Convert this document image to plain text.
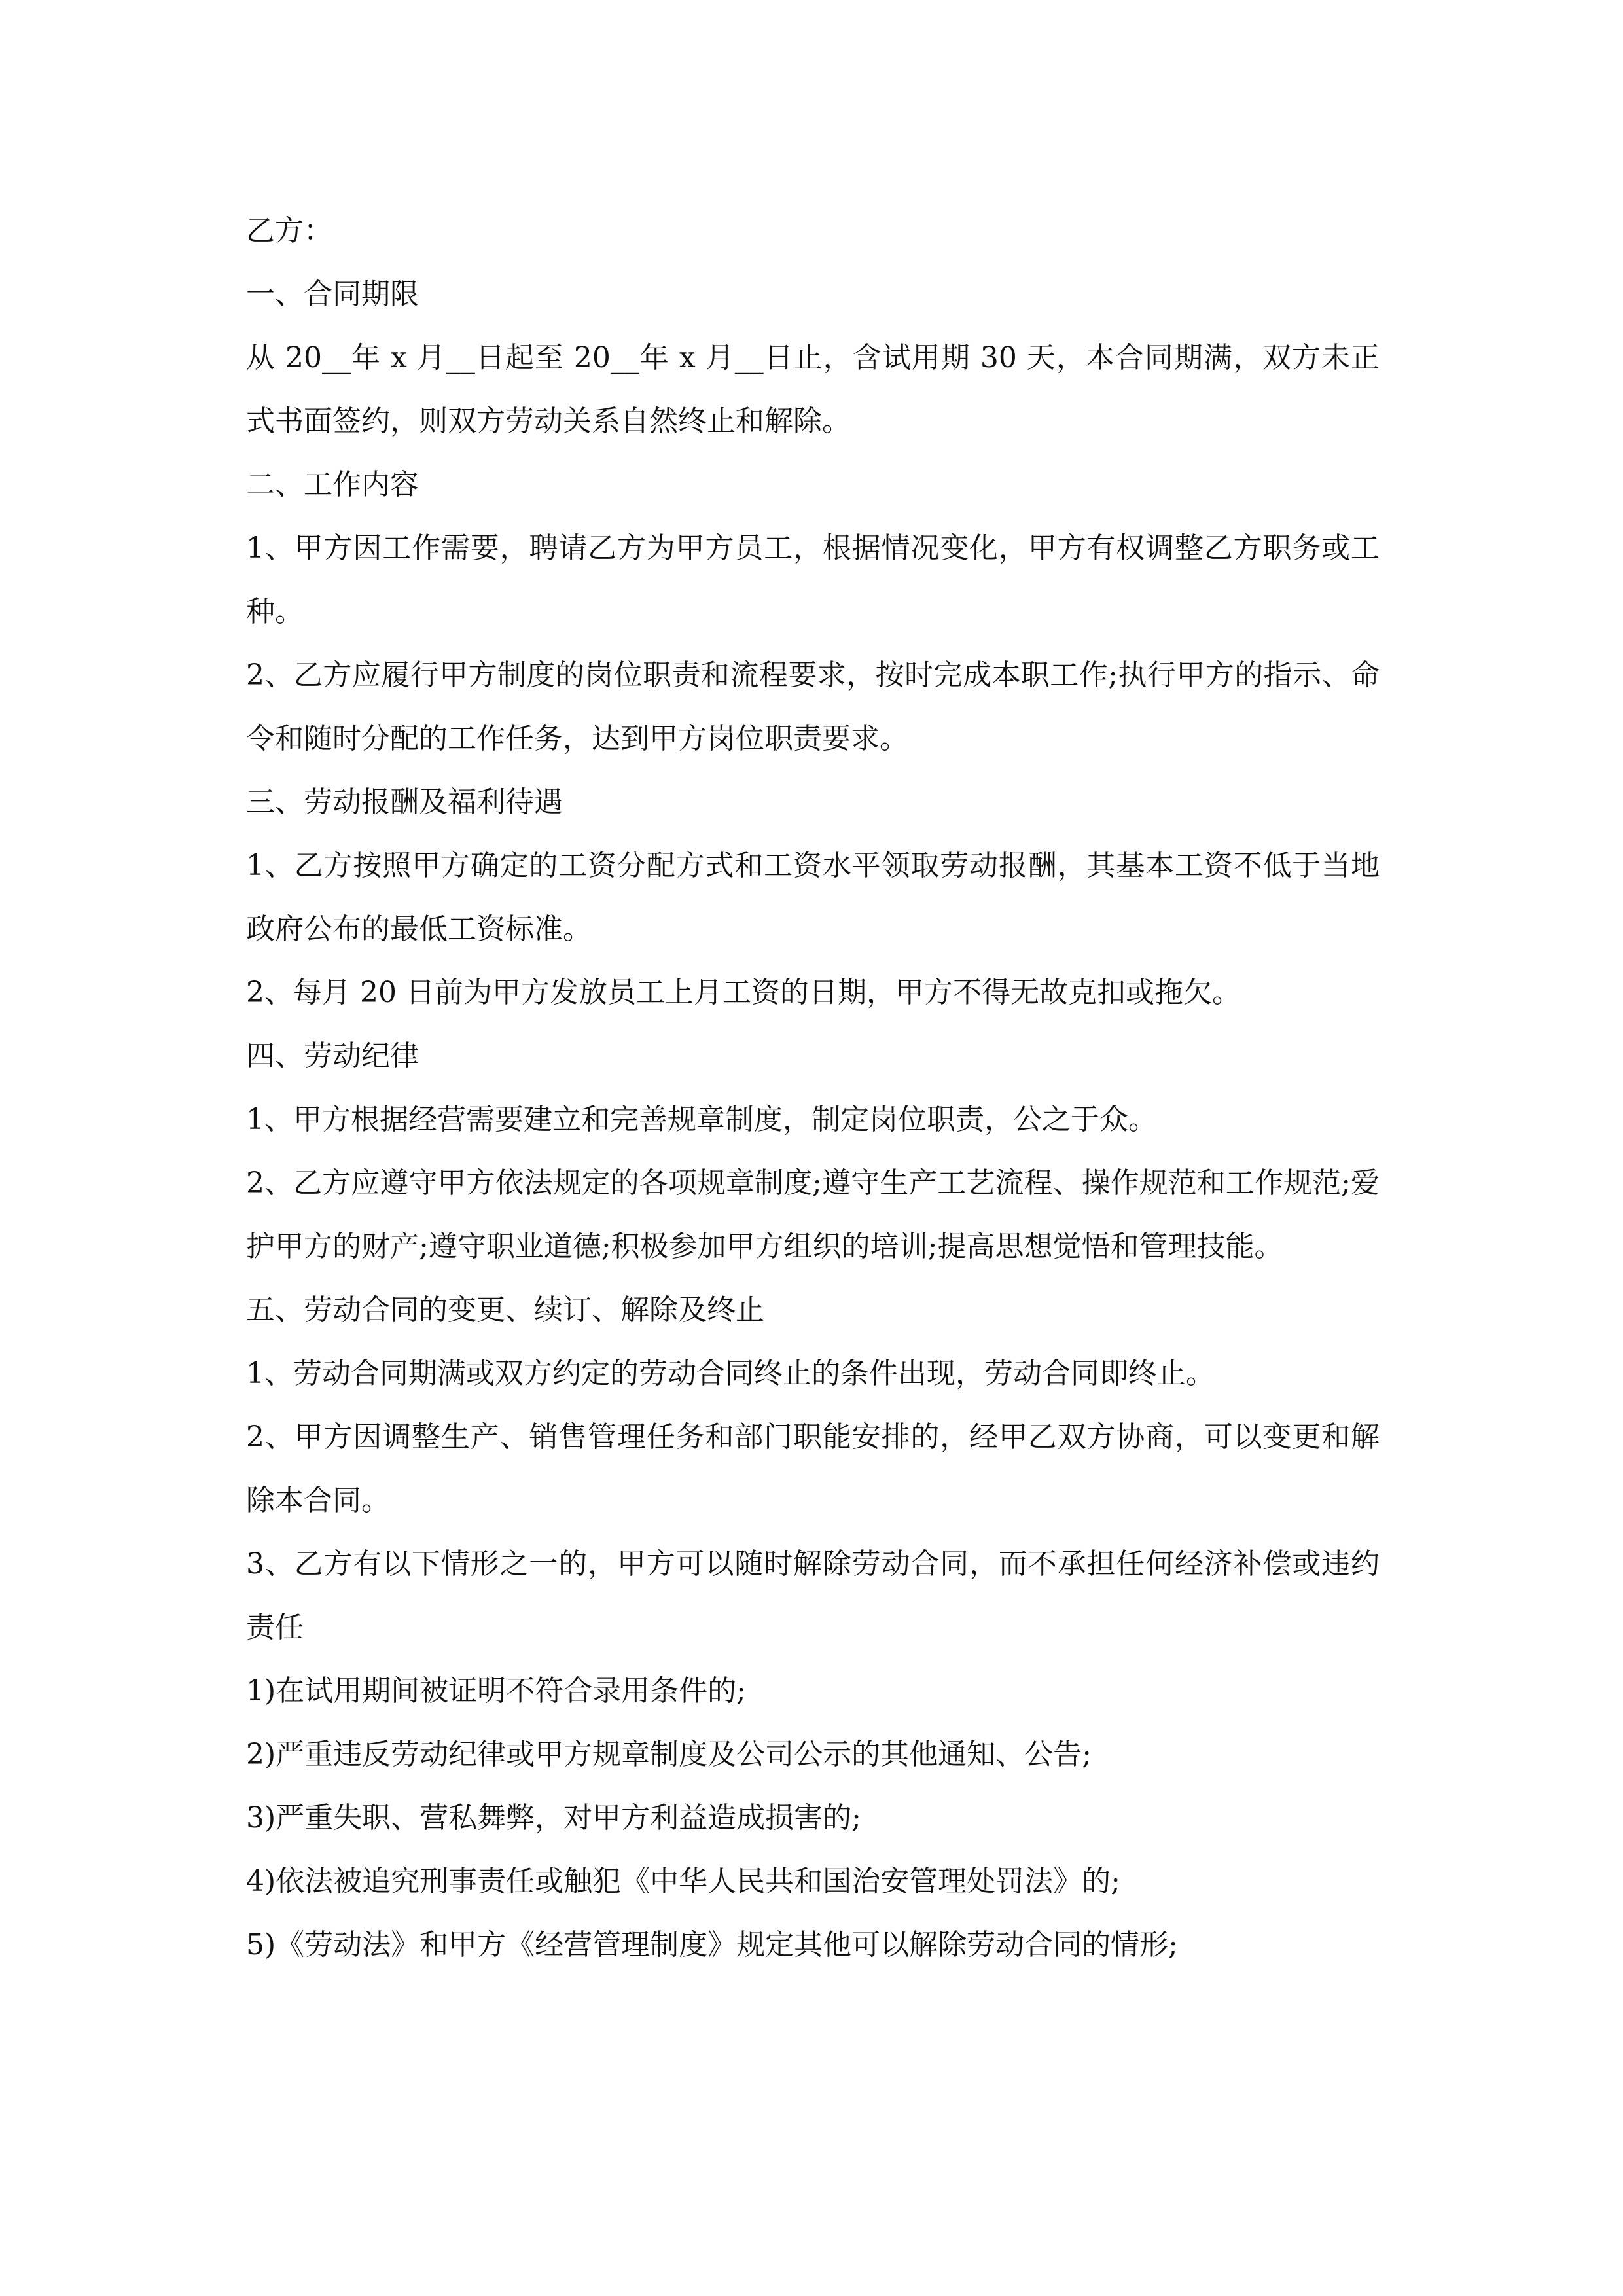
乙方：

一、合同期限

从 20__年 x 月__日起至 20__年 x 月__日止，含试用期 30 天，本合同期满，双方未正式书面签约，则双方劳动关系自然终止和解除。

二、工作内容

1、甲方因工作需要，聘请乙方为甲方员工，根据情况变化，甲方有权调整乙方职务或工种。

2、乙方应履行甲方制度的岗位职责和流程要求，按时完成本职工作;执行甲方的指示、命令和随时分配的工作任务，达到甲方岗位职责要求。

三、劳动报酬及福利待遇

1、乙方按照甲方确定的工资分配方式和工资水平领取劳动报酬，其基本工资不低于当地政府公布的最低工资标准。

2、每月 20 日前为甲方发放员工上月工资的日期，甲方不得无故克扣或拖欠。

四、劳动纪律

1、甲方根据经营需要建立和完善规章制度，制定岗位职责，公之于众。

2、乙方应遵守甲方依法规定的各项规章制度;遵守生产工艺流程、操作规范和工作规范;爱护甲方的财产;遵守职业道德;积极参加甲方组织的培训;提高思想觉悟和管理技能。

五、劳动合同的变更、续订、解除及终止

1、劳动合同期满或双方约定的劳动合同终止的条件出现，劳动合同即终止。

2、甲方因调整生产、销售管理任务和部门职能安排的，经甲乙双方协商，可以变更和解除本合同。

3、乙方有以下情形之一的，甲方可以随时解除劳动合同，而不承担任何经济补偿或违约责任

1)在试用期间被证明不符合录用条件的;

2)严重违反劳动纪律或甲方规章制度及公司公示的其他通知、公告;

3)严重失职、营私舞弊，对甲方利益造成损害的;

4)依法被追究刑事责任或触犯《中华人民共和国治安管理处罚法》的;

5)《劳动法》和甲方《经营管理制度》规定其他可以解除劳动合同的情形;
